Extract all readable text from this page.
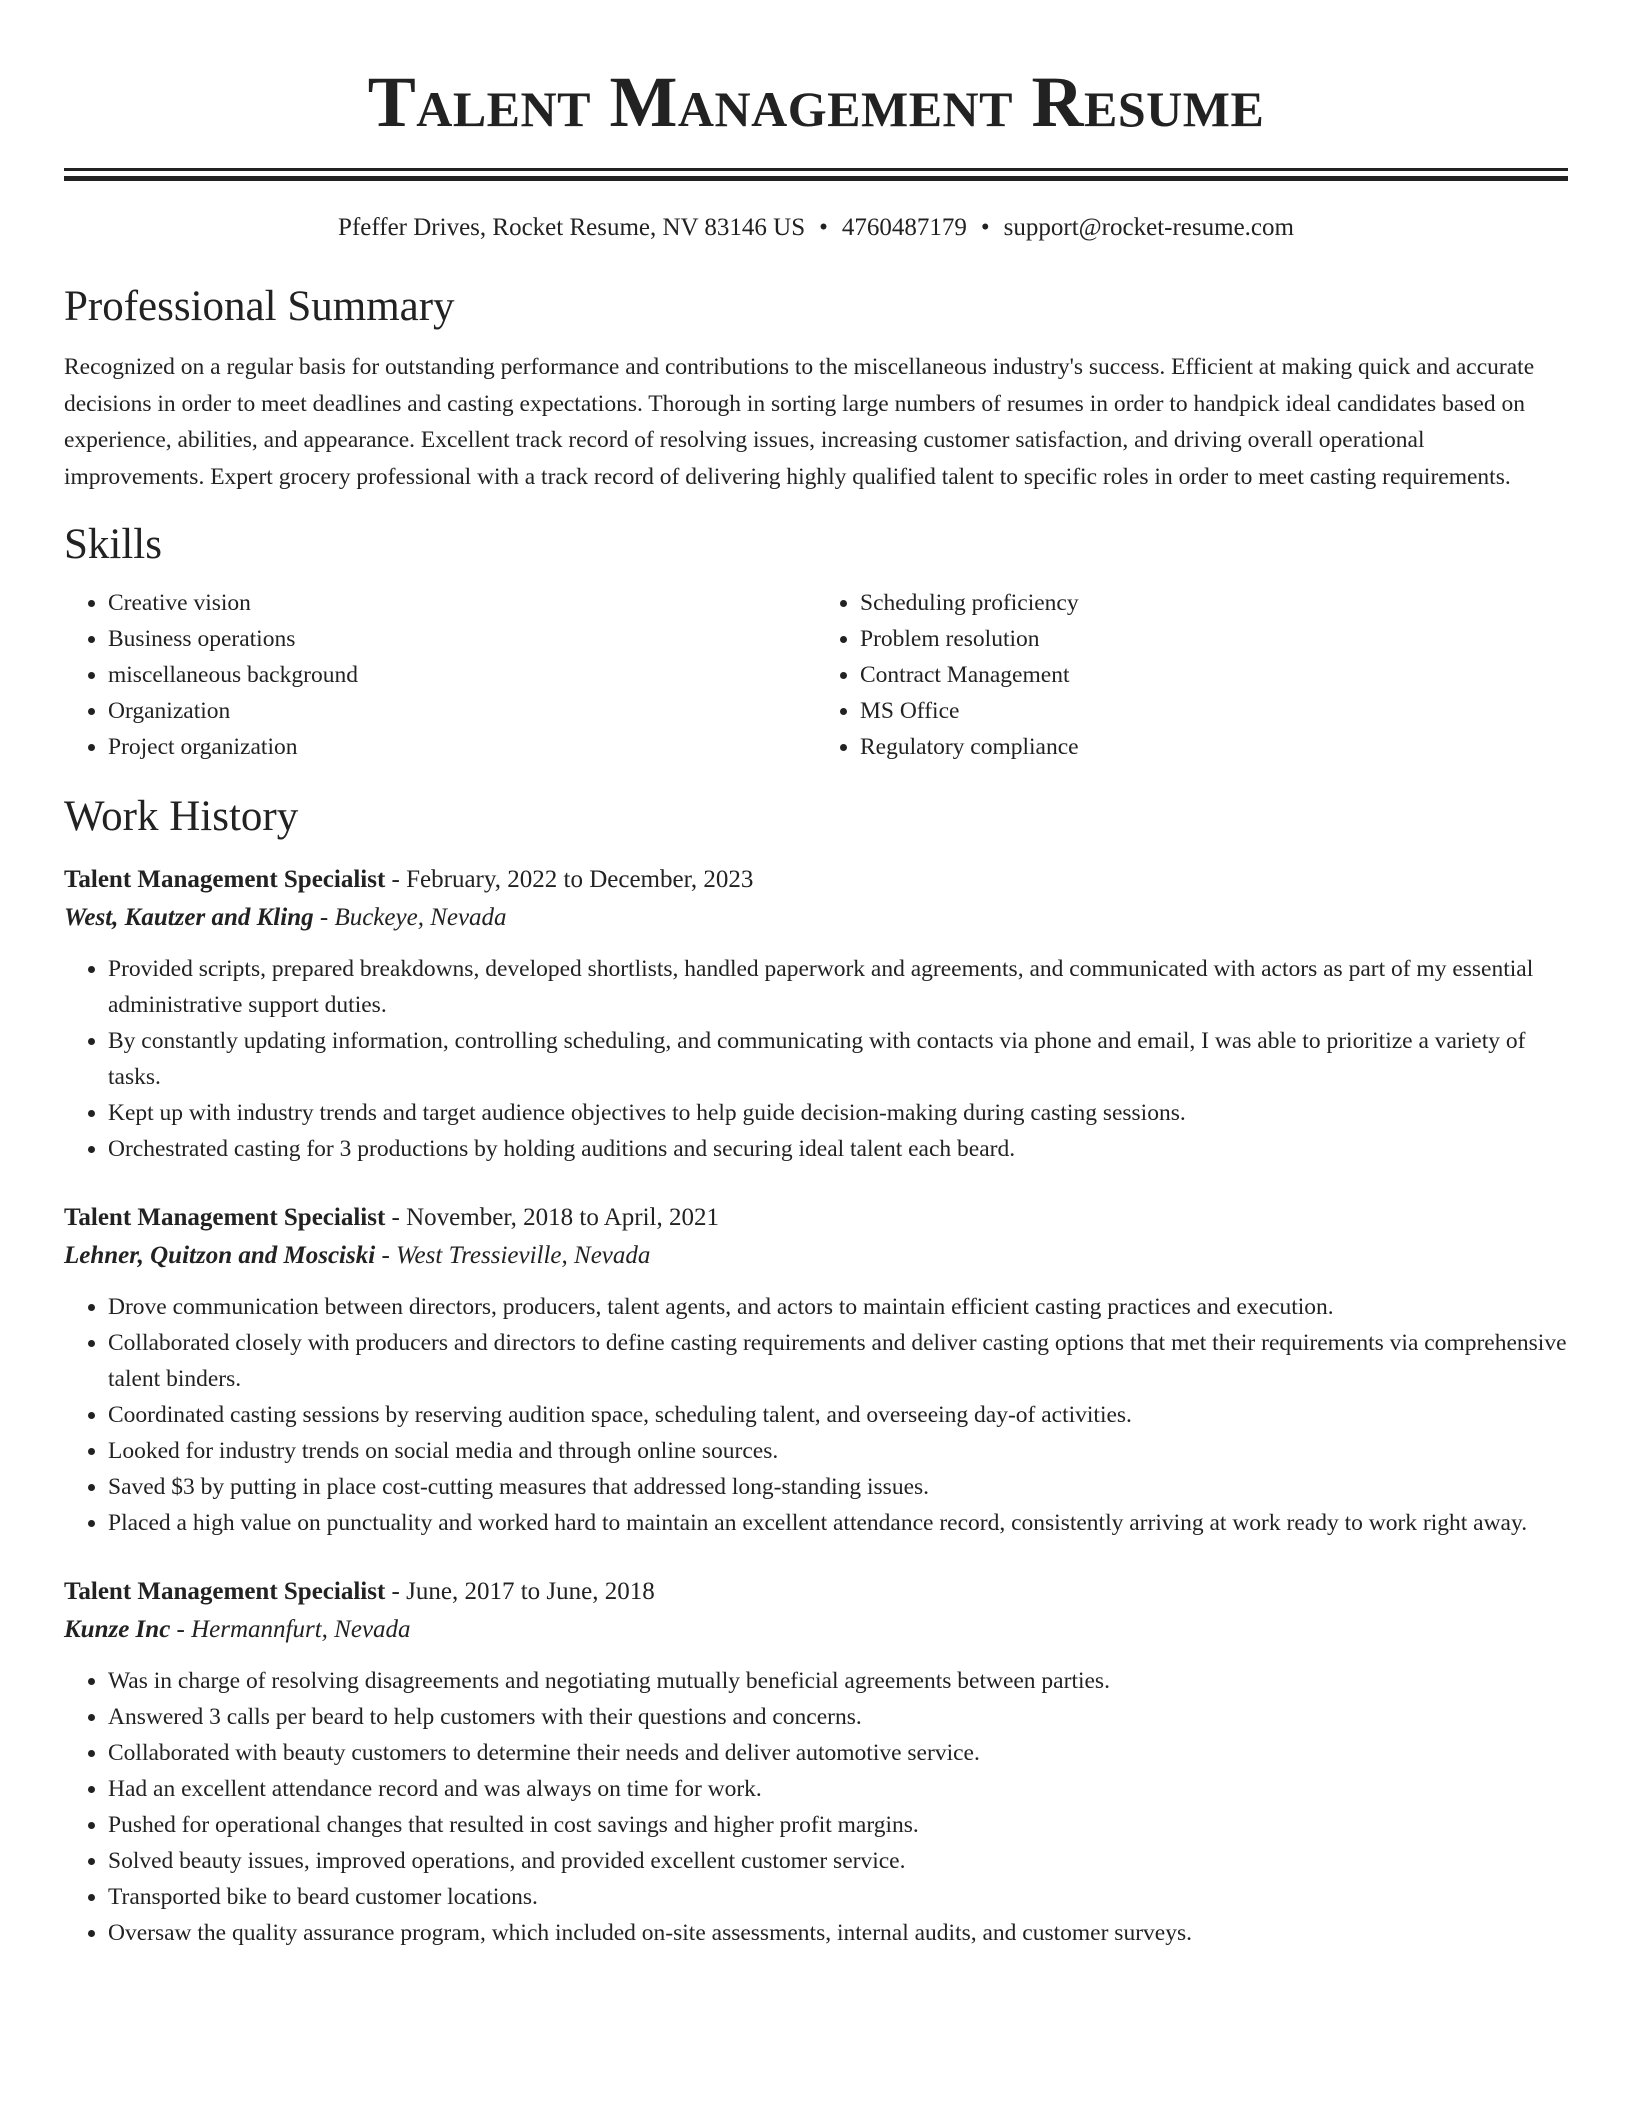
Talent Management Resume
Pfeffer Drives, Rocket Resume, NV 83146 US • 4760487179 • support@rocket-resume.com
Professional Summary

Recognized on a regular basis for outstanding performance and contributions to the miscellaneous industry's success. Efficient at making quick and accurate decisions in order to meet deadlines and casting expectations. Thorough in sorting large numbers of resumes in order to handpick ideal candidates based on experience, abilities, and appearance. Excellent track record of resolving issues, increasing customer satisfaction, and driving overall operational improvements. Expert grocery professional with a track record of delivering highly qualified talent to specific roles in order to meet casting requirements.

Skills
• Creative vision
• Business operations
• miscellaneous background
• Organization
• Project organization
• Scheduling proficiency
• Problem resolution
• Contract Management
• MS Office
• Regulatory compliance
Work History
Talent Management Specialist - February, 2022 to December, 2023
West, Kautzer and Kling - Buckeye, Nevada
• Provided scripts, prepared breakdowns, developed shortlists, handled paperwork and agreements, and communicated with actors as part of my essential administrative support duties.
• By constantly updating information, controlling scheduling, and communicating with contacts via phone and email, I was able to prioritize a variety of tasks.
• Kept up with industry trends and target audience objectives to help guide decision-making during casting sessions.
• Orchestrated casting for 3 productions by holding auditions and securing ideal talent each beard.
Talent Management Specialist - November, 2018 to April, 2021
Lehner, Quitzon and Mosciski - West Tressieville, Nevada
• Drove communication between directors, producers, talent agents, and actors to maintain efficient casting practices and execution.
• Collaborated closely with producers and directors to define casting requirements and deliver casting options that met their requirements via comprehensive talent binders.
• Coordinated casting sessions by reserving audition space, scheduling talent, and overseeing day-of activities.
• Looked for industry trends on social media and through online sources.
• Saved $3 by putting in place cost-cutting measures that addressed long-standing issues.
• Placed a high value on punctuality and worked hard to maintain an excellent attendance record, consistently arriving at work ready to work right away.
Talent Management Specialist - June, 2017 to June, 2018
Kunze Inc - Hermannfurt, Nevada
• Was in charge of resolving disagreements and negotiating mutually beneficial agreements between parties.
• Answered 3 calls per beard to help customers with their questions and concerns.
• Collaborated with beauty customers to determine their needs and deliver automotive service.
• Had an excellent attendance record and was always on time for work.
• Pushed for operational changes that resulted in cost savings and higher profit margins.
• Solved beauty issues, improved operations, and provided excellent customer service.
• Transported bike to beard customer locations.
• Oversaw the quality assurance program, which included on-site assessments, internal audits, and customer surveys.
